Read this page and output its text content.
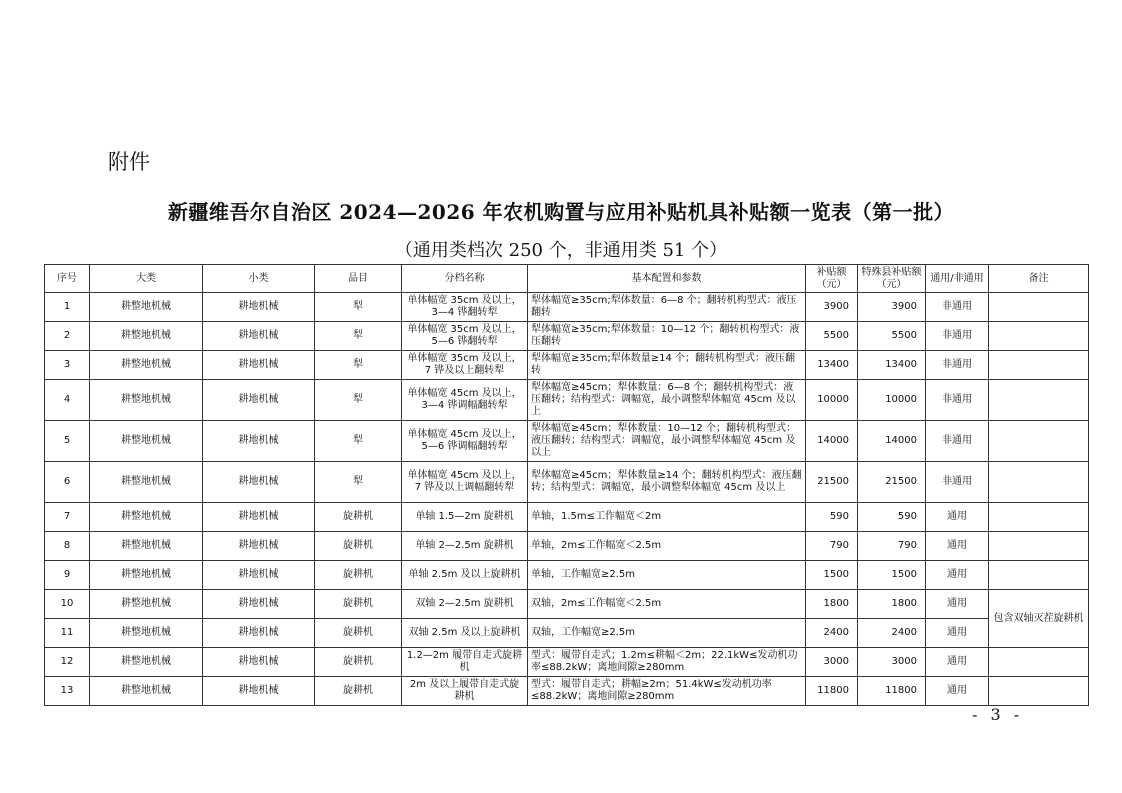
附件
新疆维吾尔自治区 2024—2026 年农机购置与应用补贴机具补贴额一览表（第一批）
（通用类档次 250 个，非通用类 51 个）
序号	大类	小类	品目	分档名称	基本配置和参数	补贴额（元）	特殊县补贴额（元）	通用/非通用	备注
1	耕整地机械	耕地机械	犁	单体幅宽 35cm 及以上，3—4 铧翻转犁	犁体幅宽≥35cm;犁体数量：6—8 个；翻转机构型式：液压翻转	3900	3900	非通用	
2	耕整地机械	耕地机械	犁	单体幅宽 35cm 及以上，5—6 铧翻转犁	犁体幅宽≥35cm;犁体数量：10—12 个；翻转机构型式：液压翻转	5500	5500	非通用	
3	耕整地机械	耕地机械	犁	单体幅宽 35cm 及以上，7 铧及以上翻转犁	犁体幅宽≥35cm;犁体数量≥14 个；翻转机构型式：液压翻转	13400	13400	非通用	
4	耕整地机械	耕地机械	犁	单体幅宽 45cm 及以上，3—4 铧调幅翻转犁	犁体幅宽≥45cm；犁体数量：6—8 个；翻转机构型式：液压翻转；结构型式：调幅宽，最小调整犁体幅宽 45cm 及以上	10000	10000	非通用	
5	耕整地机械	耕地机械	犁	单体幅宽 45cm 及以上，5—6 铧调幅翻转犁	犁体幅宽≥45cm；犁体数量：10—12 个；翻转机构型式：液压翻转；结构型式：调幅宽，最小调整犁体幅宽 45cm 及以上	14000	14000	非通用	
6	耕整地机械	耕地机械	犁	单体幅宽 45cm 及以上，7 铧及以上调幅翻转犁	犁体幅宽≥45cm；犁体数量≥14 个；翻转机构型式：液压翻转；结构型式：调幅宽，最小调整犁体幅宽 45cm 及以上	21500	21500	非通用	
7	耕整地机械	耕地机械	旋耕机	单轴 1.5—2m 旋耕机	单轴，1.5m≤工作幅宽＜2m	590	590	通用	
8	耕整地机械	耕地机械	旋耕机	单轴 2—2.5m 旋耕机	单轴，2m≤工作幅宽＜2.5m	790	790	通用	
9	耕整地机械	耕地机械	旋耕机	单轴 2.5m 及以上旋耕机	单轴，工作幅宽≥2.5m	1500	1500	通用	
10	耕整地机械	耕地机械	旋耕机	双轴 2—2.5m 旋耕机	双轴，2m≤工作幅宽＜2.5m	1800	1800	通用	包含双轴灭茬旋耕机
11	耕整地机械	耕地机械	旋耕机	双轴 2.5m 及以上旋耕机	双轴，工作幅宽≥2.5m	2400	2400	通用	
12	耕整地机械	耕地机械	旋耕机	1.2—2m 履带自走式旋耕机	型式：履带自走式；1.2m≤耕幅＜2m；22.1kW≤发动机功率≤88.2kW；离地间隙≥280mm	3000	3000	通用	
13	耕整地机械	耕地机械	旋耕机	2m 及以上履带自走式旋耕机	型式：履带自走式；耕幅≥2m；51.4kW≤发动机功率≤88.2kW；离地间隙≥280mm	11800	11800	通用	
- 3 -
